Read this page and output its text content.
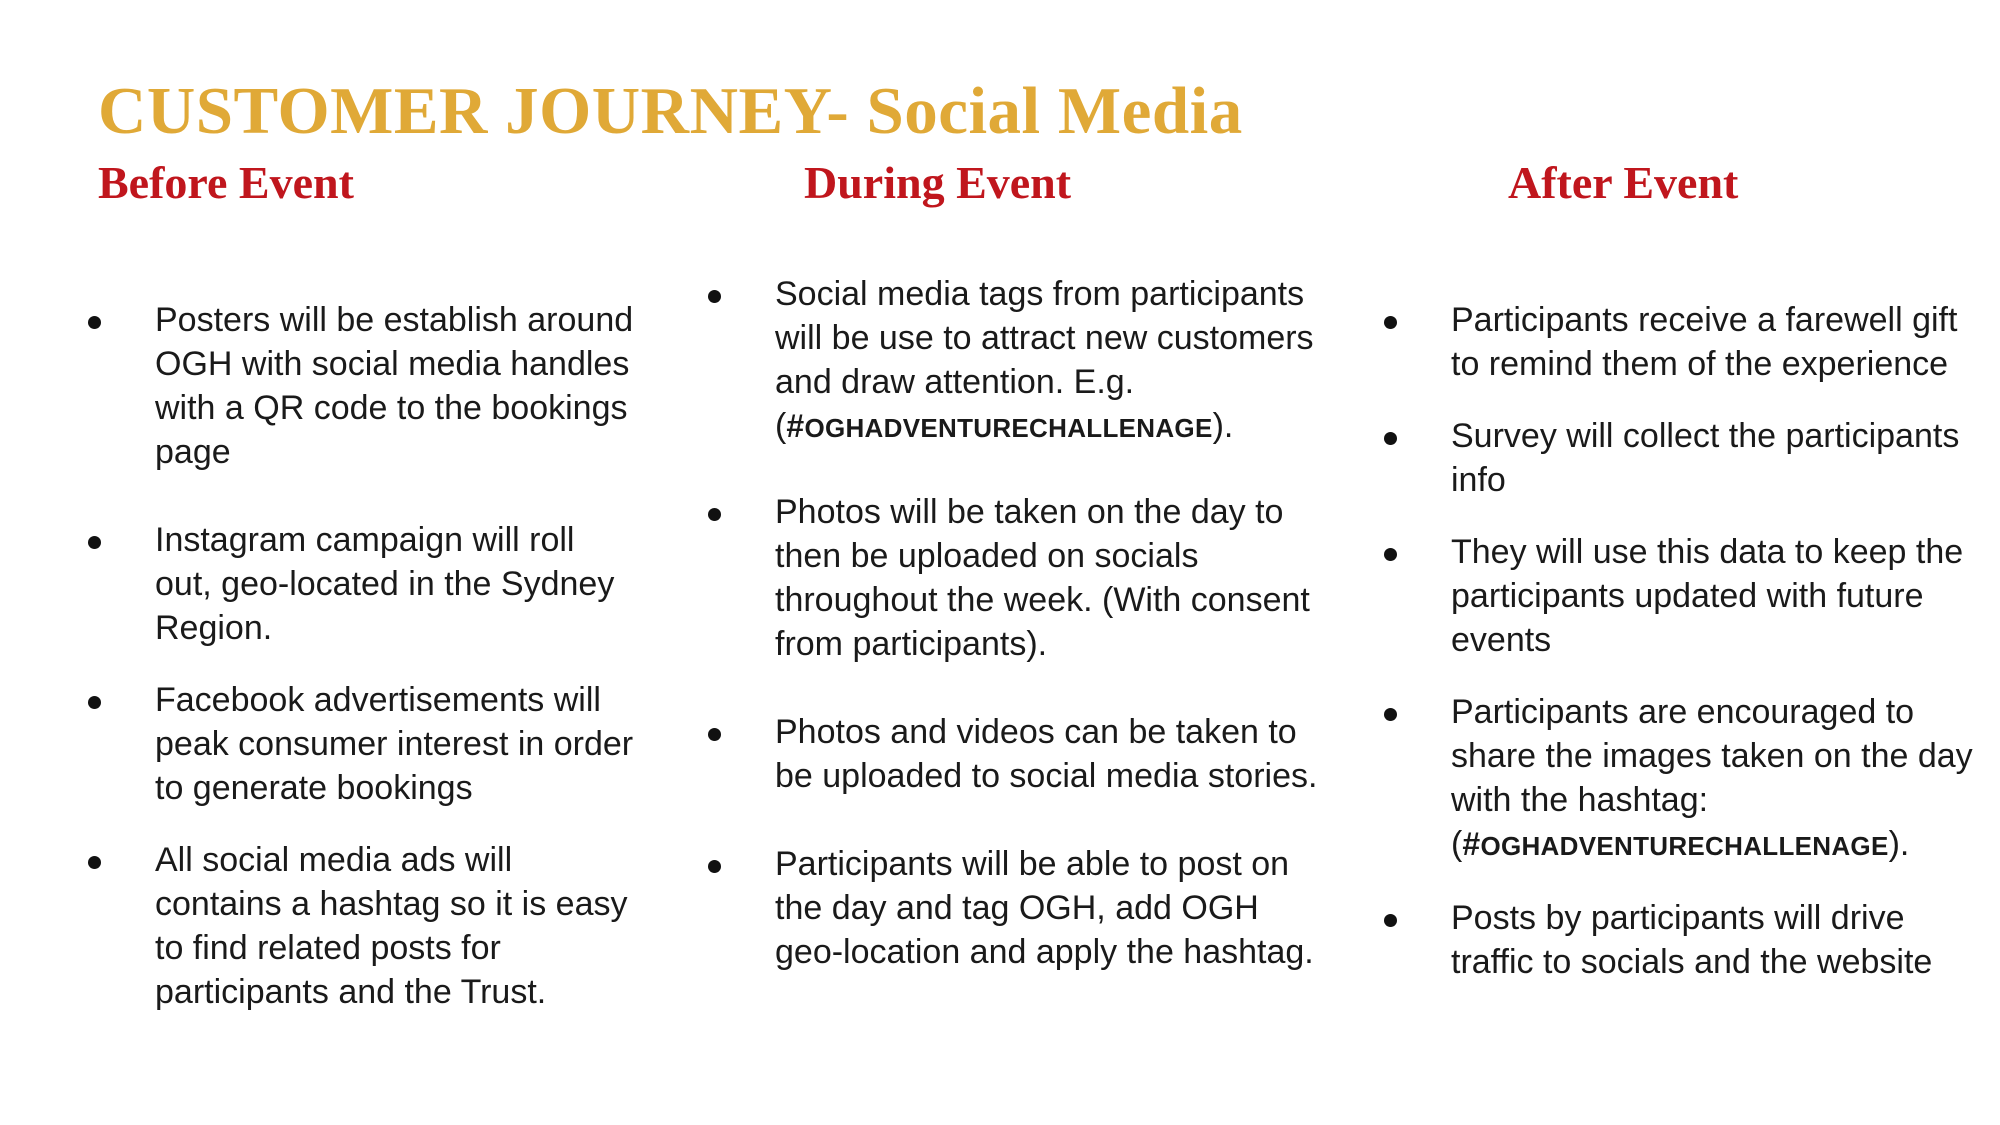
CUSTOMER JOURNEY- Social Media
Before Event	During Event	After Event
Posters will be establish around OGH with social media handles with a QR code to the bookings page
Instagram campaign will roll out, geo-located in the Sydney Region.
Facebook advertisements will peak consumer interest in order to generate bookings
All social media ads will contains a hashtag so it is easy to find related posts for participants and the Trust.
Social media tags from participants will be use to attract new customers and draw attention. E.g.
(#OGHADVENTURECHALLENAGE).
Photos will be taken on the day to then be uploaded on socials throughout the week. (With consent from participants).
Photos and videos can be taken to be uploaded to social media stories.
Participants will be able to post on the day and tag OGH, add OGH geo-location and apply the hashtag.
Participants receive a farewell gift to remind them of the experience
Survey will collect the participants info
They will use this data to keep the participants updated with future events
Participants are encouraged to share the images taken on the day with the hashtag:
(#OGHADVENTURECHALLENAGE).
Posts by participants will drive traffic to socials and the website
